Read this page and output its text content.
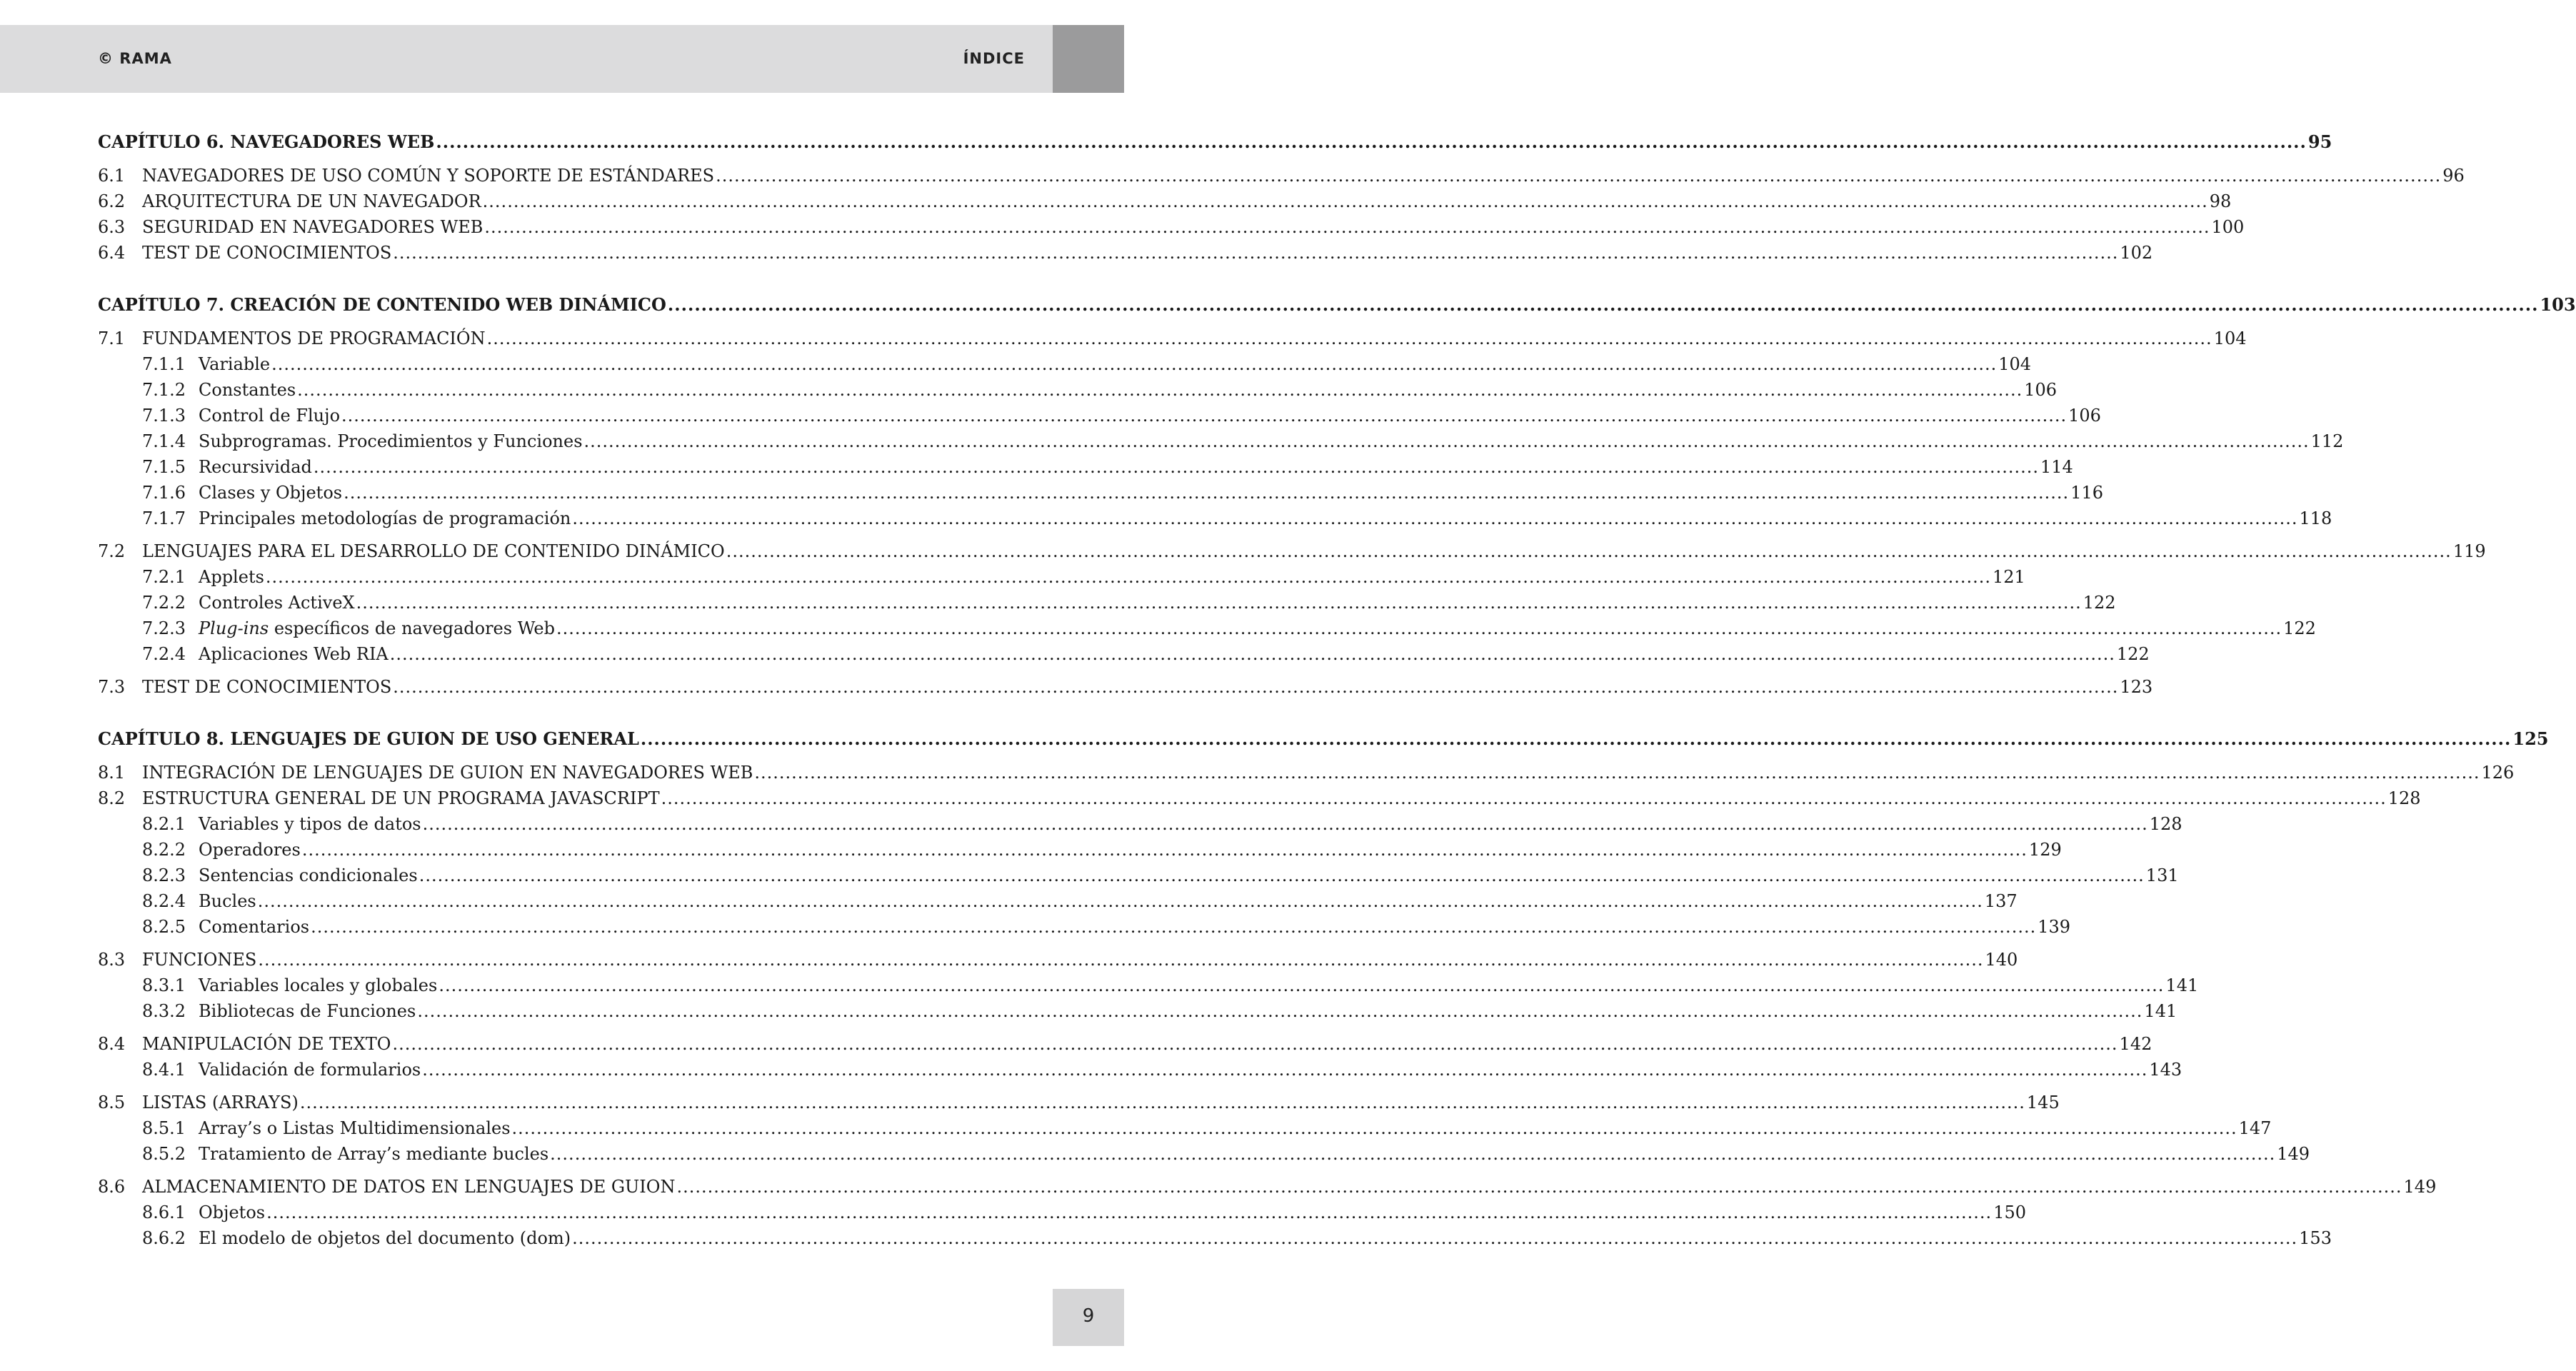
© RAMA	ÍNDICE
CAPÍTULO 6. NAVEGADORES WEB .....	95
6.1 NAVEGADORES DE USO COMÚN Y SOPORTE DE ESTÁNDARES .....	96
6.2 ARQUITECTURA DE UN NAVEGADOR .....	98
6.3 SEGURIDAD EN NAVEGADORES WEB .....	100
6.4 TEST DE CONOCIMIENTOS .....	102
CAPÍTULO 7. CREACIÓN DE CONTENIDO WEB DINÁMICO .....	103
7.1 FUNDAMENTOS DE PROGRAMACIÓN .....	104
7.1.1 Variable .....	104
7.1.2 Constantes .....	106
7.1.3 Control de Flujo .....	106
7.1.4 Subprogramas. Procedimientos y Funciones .....	112
7.1.5 Recursividad .....	114
7.1.6 Clases y Objetos .....	116
7.1.7 Principales metodologías de programación .....	118
7.2 LENGUAJES PARA EL DESARROLLO DE CONTENIDO DINÁMICO .....	119
7.2.1 Applets .....	121
7.2.2 Controles ActiveX .....	122
7.2.3 Plug-ins específicos de navegadores Web .....	122
7.2.4 Aplicaciones Web RIA .....	122
7.3 TEST DE CONOCIMIENTOS .....	123
CAPÍTULO 8. LENGUAJES DE GUION DE USO GENERAL .....	125
8.1 INTEGRACIÓN DE LENGUAJES DE GUION EN NAVEGADORES WEB .....	126
8.2 ESTRUCTURA GENERAL DE UN PROGRAMA JAVASCRIPT .....	128
8.2.1 Variables y tipos de datos .....	128
8.2.2 Operadores .....	129
8.2.3 Sentencias condicionales .....	131
8.2.4 Bucles .....	137
8.2.5 Comentarios .....	139
8.3 FUNCIONES .....	140
8.3.1 Variables locales y globales .....	141
8.3.2 Bibliotecas de Funciones .....	141
8.4 MANIPULACIÓN DE TEXTO .....	142
8.4.1 Validación de formularios .....	143
8.5 LISTAS (ARRAYS) .....	145
8.5.1 Array’s o Listas Multidimensionales .....	147
8.5.2 Tratamiento de Array’s mediante bucles .....	149
8.6 ALMACENAMIENTO DE DATOS EN LENGUAJES DE GUION .....	149
8.6.1 Objetos .....	150
8.6.2 El modelo de objetos del documento (dom) .....	153
9
